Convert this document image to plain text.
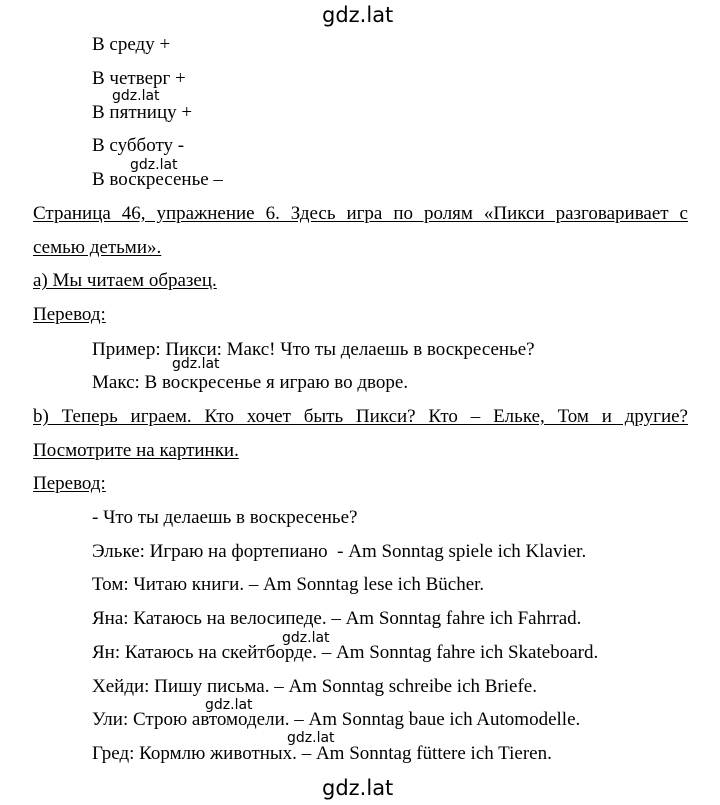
gdz.lat
gdz.lat
gdz.lat
gdz.lat
gdz.lat
gdz.lat
gdz.lat
gdz.lat
В среду +
В четверг +
В пятницу +
В субботу -
В воскресенье –
Страница 46, упражнение 6. Здесь игра по ролям «Пикси разговаривает с
семью детьми».
а) Мы читаем образец.
Перевод:
Пример: Пикси: Макс! Что ты делаешь в воскресенье?
Макс: В воскресенье я играю во дворе.
b) Теперь играем. Кто хочет быть Пикси? Кто – Ельке, Том и другие?
Посмотрите на картинки.
Перевод:
- Что ты делаешь в воскресенье?
Эльке: Играю на фортепиано - Am Sonntag spiele ich Klavier.
Том: Читаю книги. – Am Sonntag lese ich Bücher.
Яна: Катаюсь на велосипеде. – Am Sonntag fahre ich Fahrrad.
Ян: Катаюсь на скейтборде. – Am Sonntag fahre ich Skateboard.
Хейди: Пишу письма. – Am Sonntag schreibe ich Briefe.
Ули: Строю автомодели. – Am Sonntag baue ich Automodelle.
Гред: Кормлю животных. – Am Sonntag füttere ich Tieren.
